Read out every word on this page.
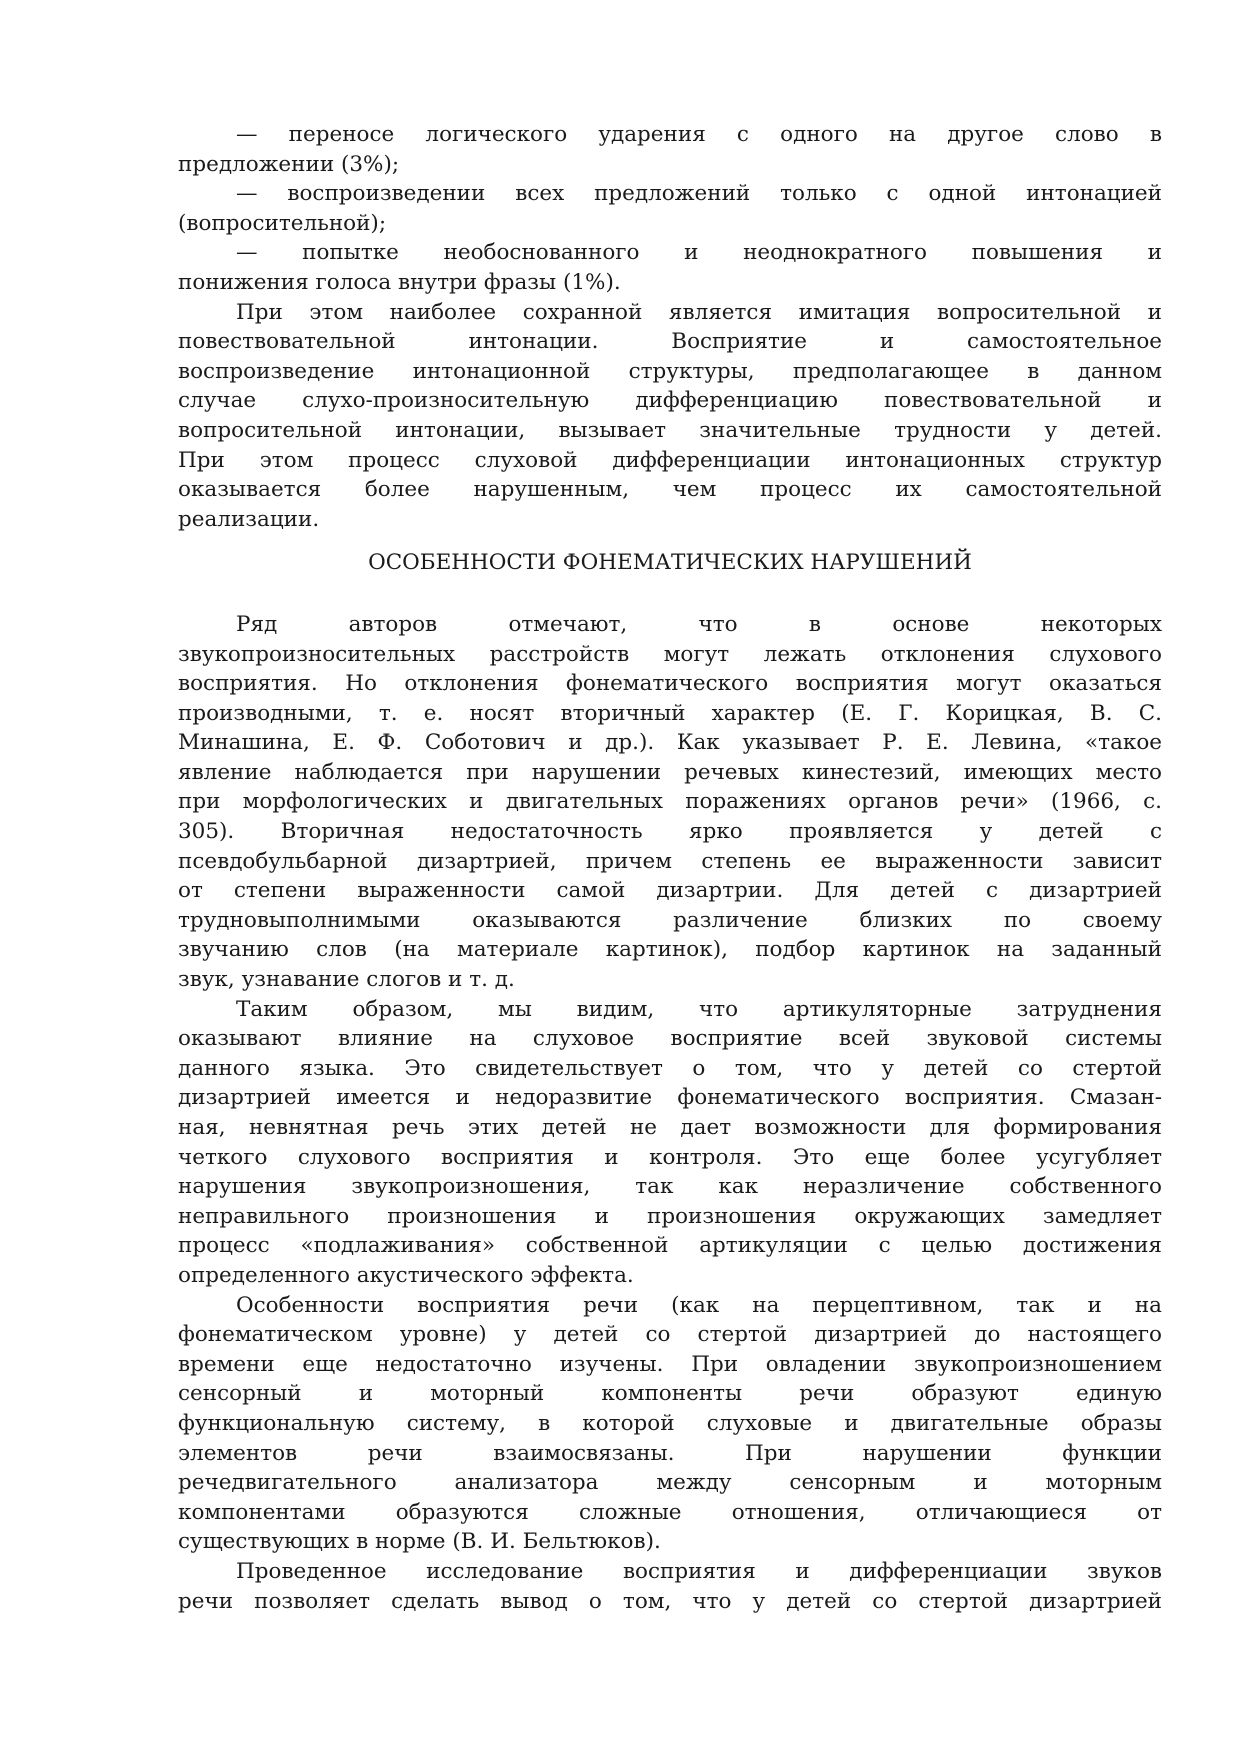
— переносе логического ударения с одного на другое слово в
предложении (3%);
— воспроизведении всех предложений только с одной интонацией
(вопросительной);
— попытке необоснованного и неоднократного повышения и
понижения голоса внутри фразы (1%).
При этом наиболее сохранной является имитация вопросительной и
повествовательной интонации. Восприятие и самостоятельное
воспроизведение интонационной структуры, предполагающее в данном
случае слухо-произносительную дифференциацию повествовательной и
вопросительной интонации, вызывает значительные трудности у детей.
При этом процесс слуховой дифференциации интонационных структур
оказывается более нарушенным, чем процесс их самостоятельной
реализации.
ОСОБЕННОСТИ ФОНЕМАТИЧЕСКИХ НАРУШЕНИЙ
Ряд авторов отмечают, что в основе некоторых
звукопроизносительных расстройств могут лежать отклонения слухового
восприятия. Но отклонения фонематического восприятия могут оказаться
производными, т. е. носят вторичный характер (Е. Г. Корицкая, В. С.
Минашина, Е. Ф. Соботович и др.). Как указывает Р. Е. Левина, «такое
явление наблюдается при нарушении речевых кинестезий, имеющих место
при морфологических и двигательных поражениях органов речи» (1966, с.
305). Вторичная недостаточность ярко проявляется у детей с
псевдобульбарной дизартрией, причем степень ее выраженности зависит
от степени выраженности самой дизартрии. Для детей с дизартрией
трудновыполнимыми оказываются различение близких по своему
звучанию слов (на материале картинок), подбор картинок на заданный
звук, узнавание слогов и т. д.
Таким образом, мы видим, что артикуляторные затруднения
оказывают влияние на слуховое восприятие всей звуковой системы
данного языка. Это свидетельствует о том, что у детей со стертой
дизартрией имеется и недоразвитие фонематического восприятия. Смазан-
ная, невнятная речь этих детей не дает возможности для формирования
четкого слухового восприятия и контроля. Это еще более усугубляет
нарушения звукопроизношения, так как неразличение собственного
неправильного произношения и произношения окружающих замедляет
процесс «подлаживания» собственной артикуляции с целью достижения
определенного акустического эффекта.
Особенности восприятия речи (как на перцептивном, так и на
фонематическом уровне) у детей со стертой дизартрией до настоящего
времени еще недостаточно изучены. При овладении звукопроизношением
сенсорный и моторный компоненты речи образуют единую
функциональную систему, в которой слуховые и двигательные образы
элементов речи взаимосвязаны. При нарушении функции
речедвигательного анализатора между сенсорным и моторным
компонентами образуются сложные отношения, отличающиеся от
существующих в норме (В. И. Бельтюков).
Проведенное исследование восприятия и дифференциации звуков
речи позволяет сделать вывод о том, что у детей со стертой дизартрией
